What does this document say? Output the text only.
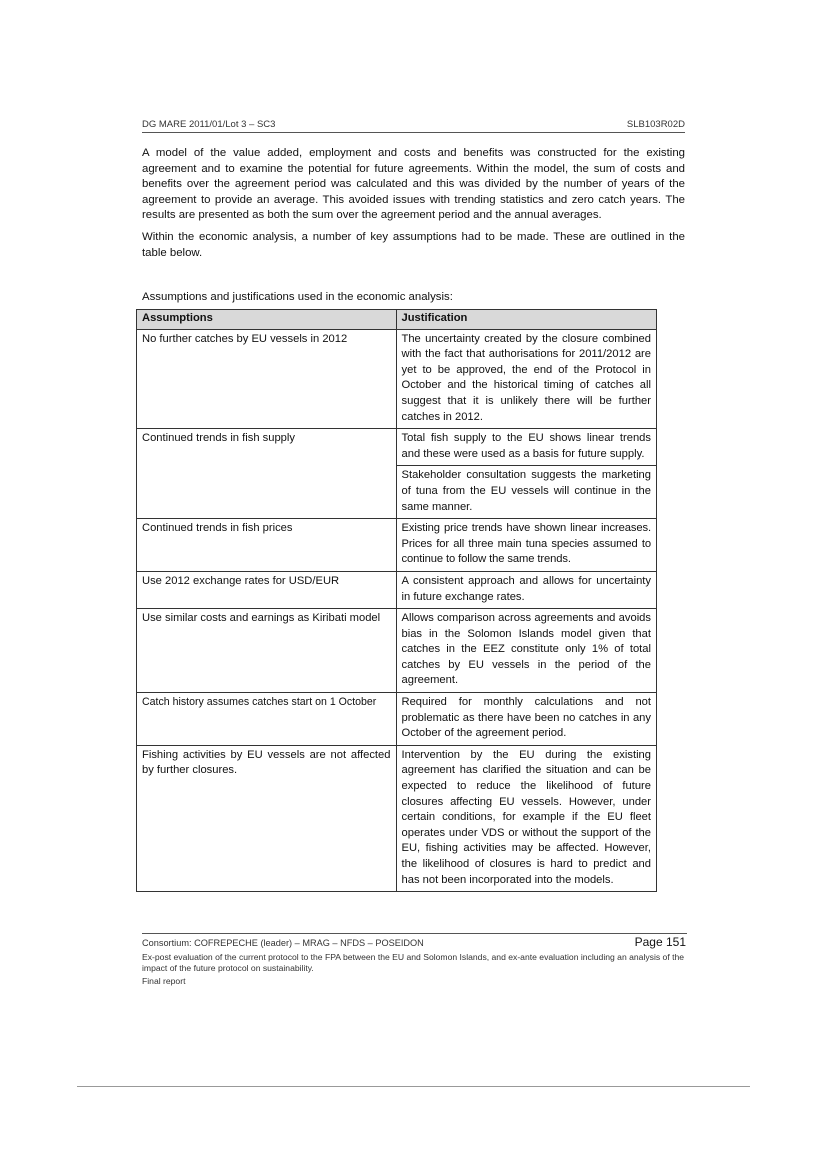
DG MARE 2011/01/Lot 3 – SC3	SLB103R02D

A model of the value added, employment and costs and benefits was constructed for the existing agreement and to examine the potential for future agreements. Within the model, the sum of costs and benefits over the agreement period was calculated and this was divided by the number of years of the agreement to provide an average. This avoided issues with trending statistics and zero catch years. The results are presented as both the sum over the agreement period and the annual averages.

Within the economic analysis, a number of key assumptions had to be made. These are outlined in the table below.

Assumptions and justifications used in the economic analysis:

Assumptions	Justification
No further catches by EU vessels in 2012	The uncertainty created by the closure combined with the fact that authorisations for 2011/2012 are yet to be approved, the end of the Protocol in October and the historical timing of catches all suggest that it is unlikely there will be further catches in 2012.
Continued trends in fish supply	Total fish supply to the EU shows linear trends and these were used as a basis for future supply.
	Stakeholder consultation suggests the marketing of tuna from the EU vessels will continue in the same manner.
Continued trends in fish prices	Existing price trends have shown linear increases. Prices for all three main tuna species assumed to continue to follow the same trends.
Use 2012 exchange rates for USD/EUR	A consistent approach and allows for uncertainty in future exchange rates.
Use similar costs and earnings as Kiribati model	Allows comparison across agreements and avoids bias in the Solomon Islands model given that catches in the EEZ constitute only 1% of total catches by EU vessels in the period of the agreement.
Catch history assumes catches start on 1 October	Required for monthly calculations and not problematic as there have been no catches in any October of the agreement period.
Fishing activities by EU vessels are not affected by further closures.	Intervention by the EU during the existing agreement has clarified the situation and can be expected to reduce the likelihood of future closures affecting EU vessels. However, under certain conditions, for example if the EU fleet operates under VDS or without the support of the EU, fishing activities may be affected. However, the likelihood of closures is hard to predict and has not been incorporated into the models.
Consortium: COFREPECHE (leader) – MRAG – NFDS – POSEIDON	Page 151

Ex-post evaluation of the current protocol to the FPA between the EU and Solomon Islands, and ex-ante evaluation including an analysis of the impact of the future protocol on sustainability.

Final report
